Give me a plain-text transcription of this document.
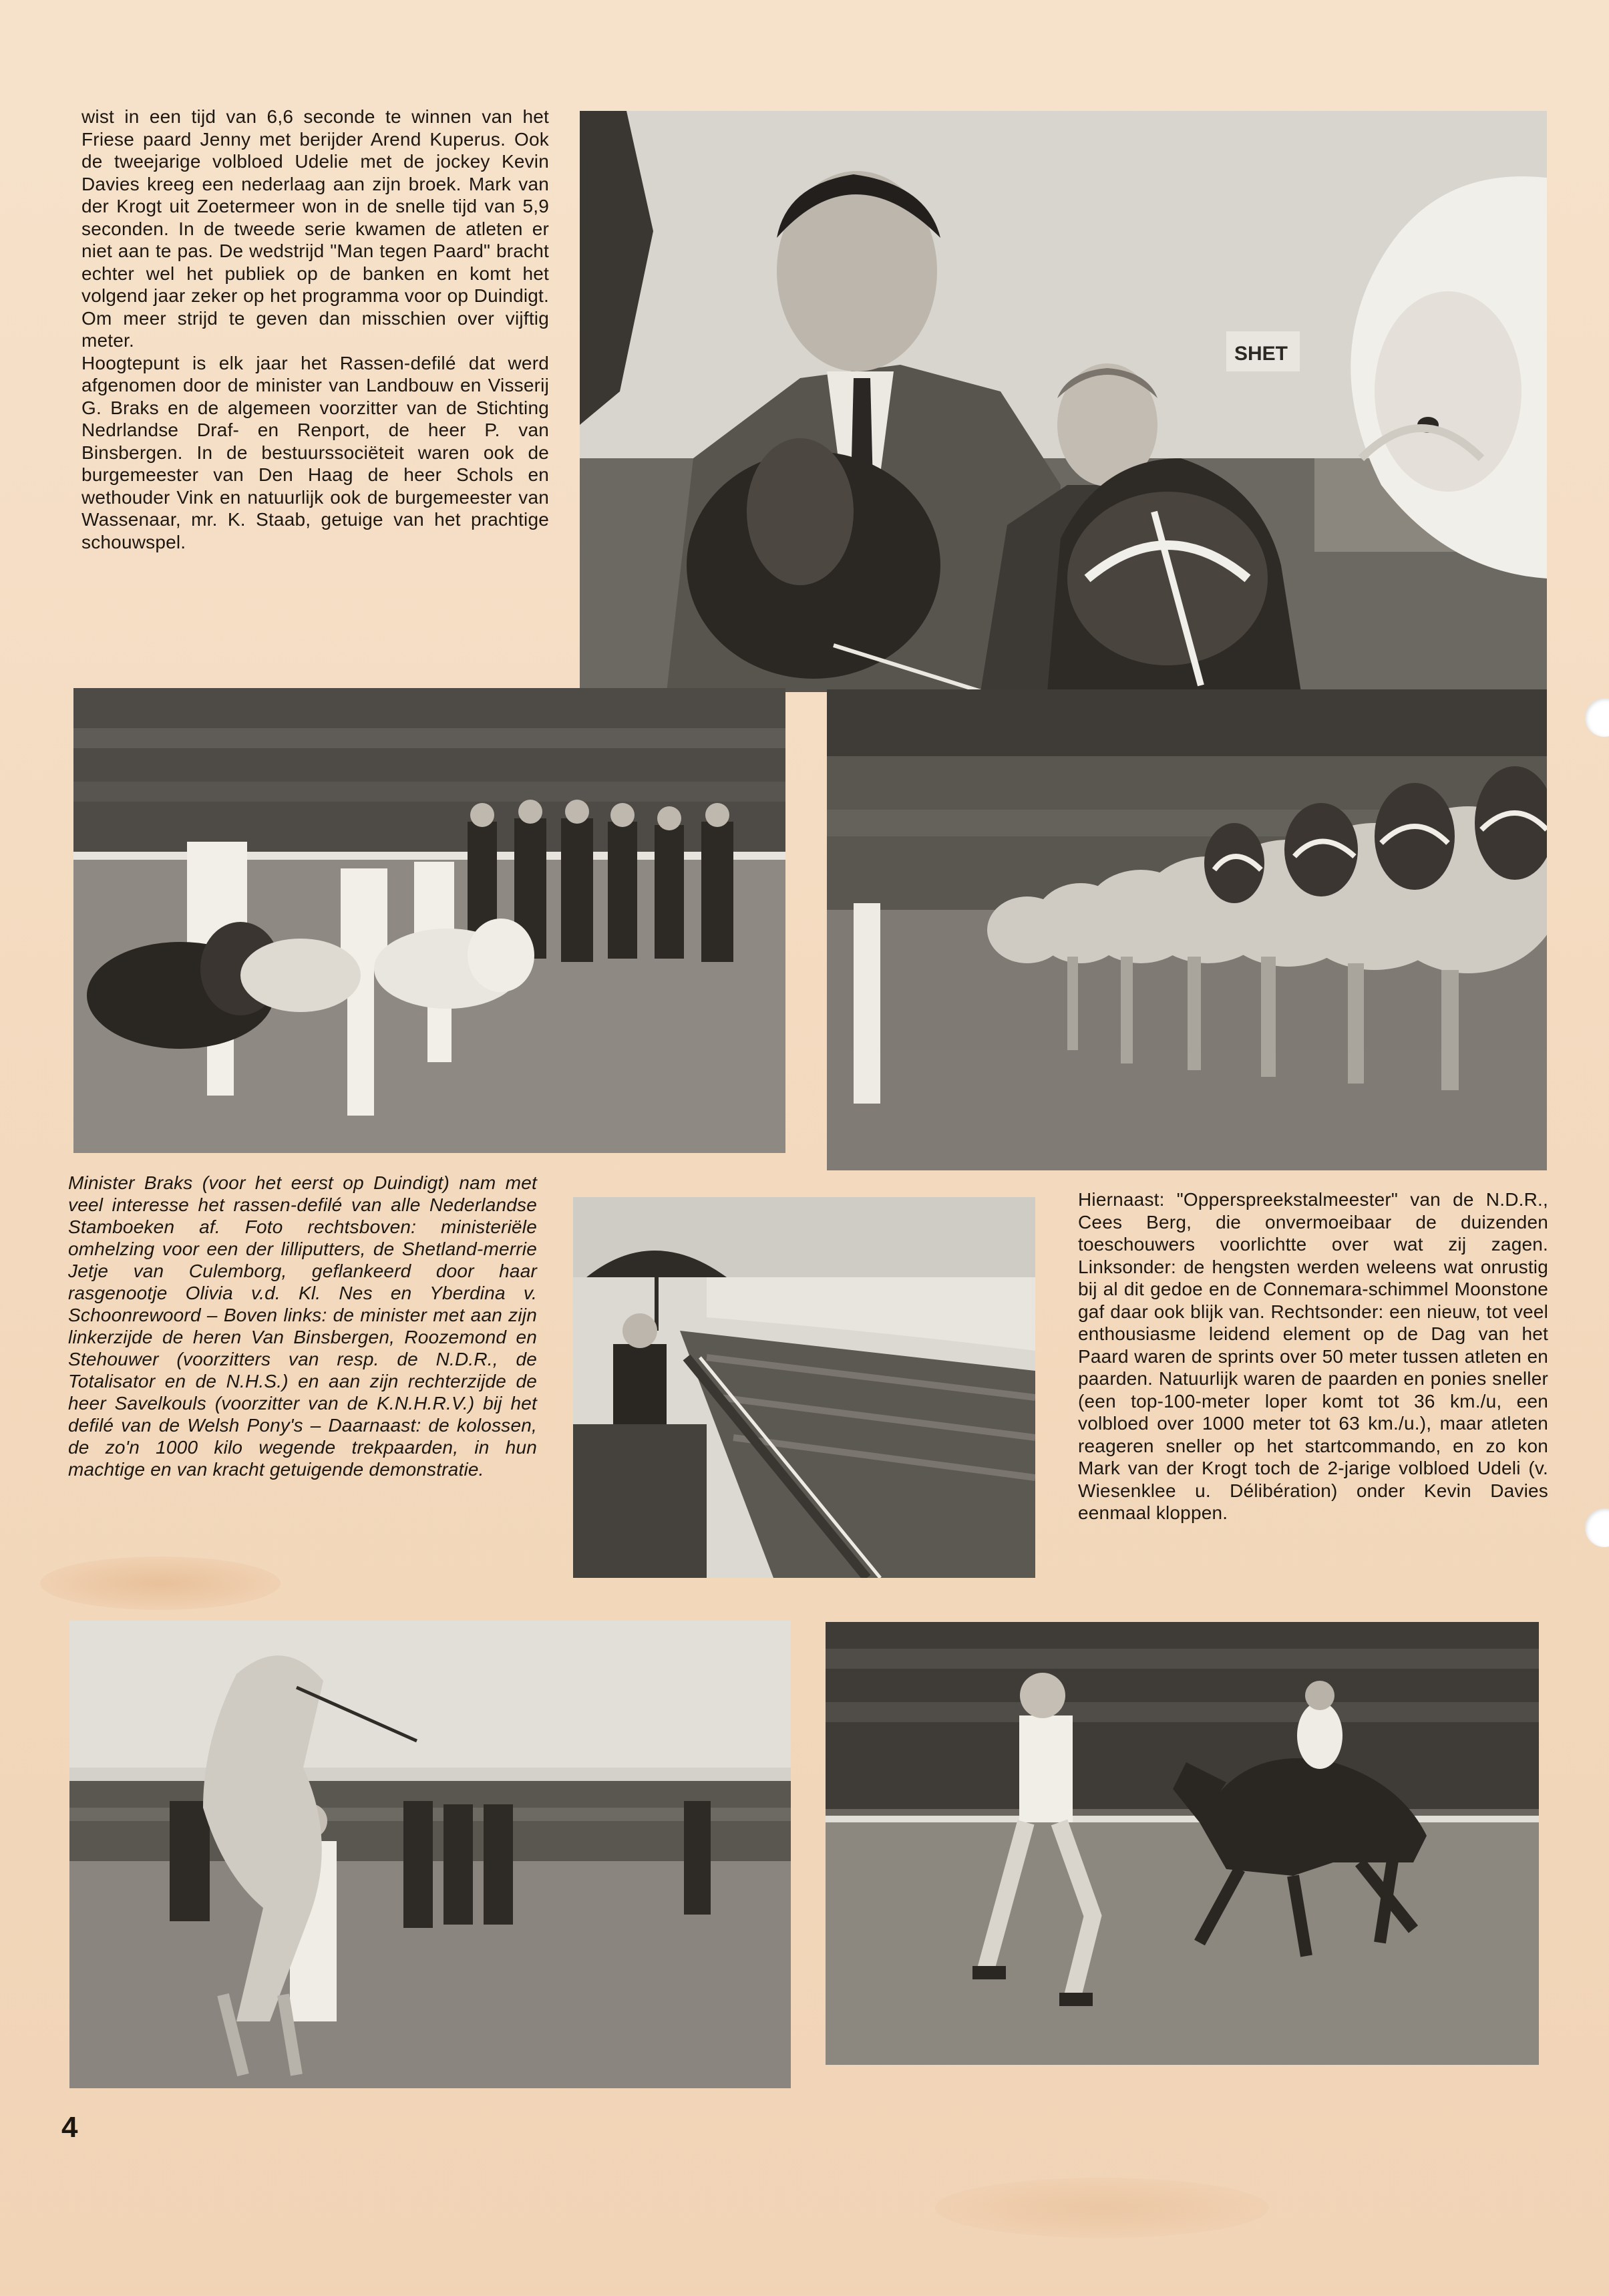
wist in een tijd van 6,6 seconde te winnen van het Friese paard Jenny met berijder Arend Kuperus. Ook de tweejarige volbloed Udelie met de jockey Kevin Davies kreeg een nederlaag aan zijn broek. Mark van der Krogt uit Zoetermeer won in de snelle tijd van 5,9 seconden. In de tweede serie kwamen de atleten er niet aan te pas. De wedstrijd "Man tegen Paard" bracht echter wel het publiek op de banken en komt het volgend jaar zeker op het programma voor op Duindigt. Om meer strijd te geven dan misschien over vijftig meter.

Hoogtepunt is elk jaar het Rassen-defilé dat werd afgenomen door de minister van Landbouw en Visserij G. Braks en de algemeen voorzitter van de Stichting Nedrlandse Draf- en Renport, de heer P. van Binsbergen. In de bestuurssociëteit waren ook de burgemeester van Den Haag de heer Schols en wethouder Vink en natuurlijk ook de burgemeester van Wassenaar, mr. K. Staab, getuige van het prachtige schouwspel.

SHET

Minister Braks (voor het eerst op Duindigt) nam met veel interesse het rassen-defilé van alle Nederlandse Stamboeken af. Foto rechtsboven: ministeriële omhelzing voor een der lilliputters, de Shetland-merrie Jetje van Culemborg, geflankeerd door haar rasgenootje Olivia v.d. Kl. Nes en Yberdina v. Schoonrewoord – Boven links: de minister met aan zijn linkerzijde de heren Van Binsbergen, Roozemond en Stehouwer (voorzitters van resp. de N.D.R., de Totalisator en de N.H.S.) en aan zijn rechterzijde de heer Savelkouls (voorzitter van de K.N.H.R.V.) bij het defilé van de Welsh Pony's – Daarnaast: de kolossen, de zo'n 1000 kilo wegende trekpaarden, in hun machtige en van kracht getuigende demonstratie.

Hiernaast: "Opperspreekstalmeester" van de N.D.R., Cees Berg, die onvermoeibaar de duizenden toeschouwers voorlichtte over wat zij zagen. Linksonder: de hengsten werden weleens wat onrustig bij al dit gedoe en de Connemara-schimmel Moonstone gaf daar ook blijk van. Rechtsonder: een nieuw, tot veel enthousiasme leidend element op de Dag van het Paard waren de sprints over 50 meter tussen atleten en paarden. Natuurlijk waren de paarden en ponies sneller (een top-100-meter loper komt tot 36 km./u, een volbloed over 1000 meter tot 63 km./u.), maar atleten reageren sneller op het startcommando, en zo kon Mark van der Krogt toch de 2-jarige volbloed Udeli (v. Wiesenklee u. Délibération) onder Kevin Davies eenmaal kloppen.

4
